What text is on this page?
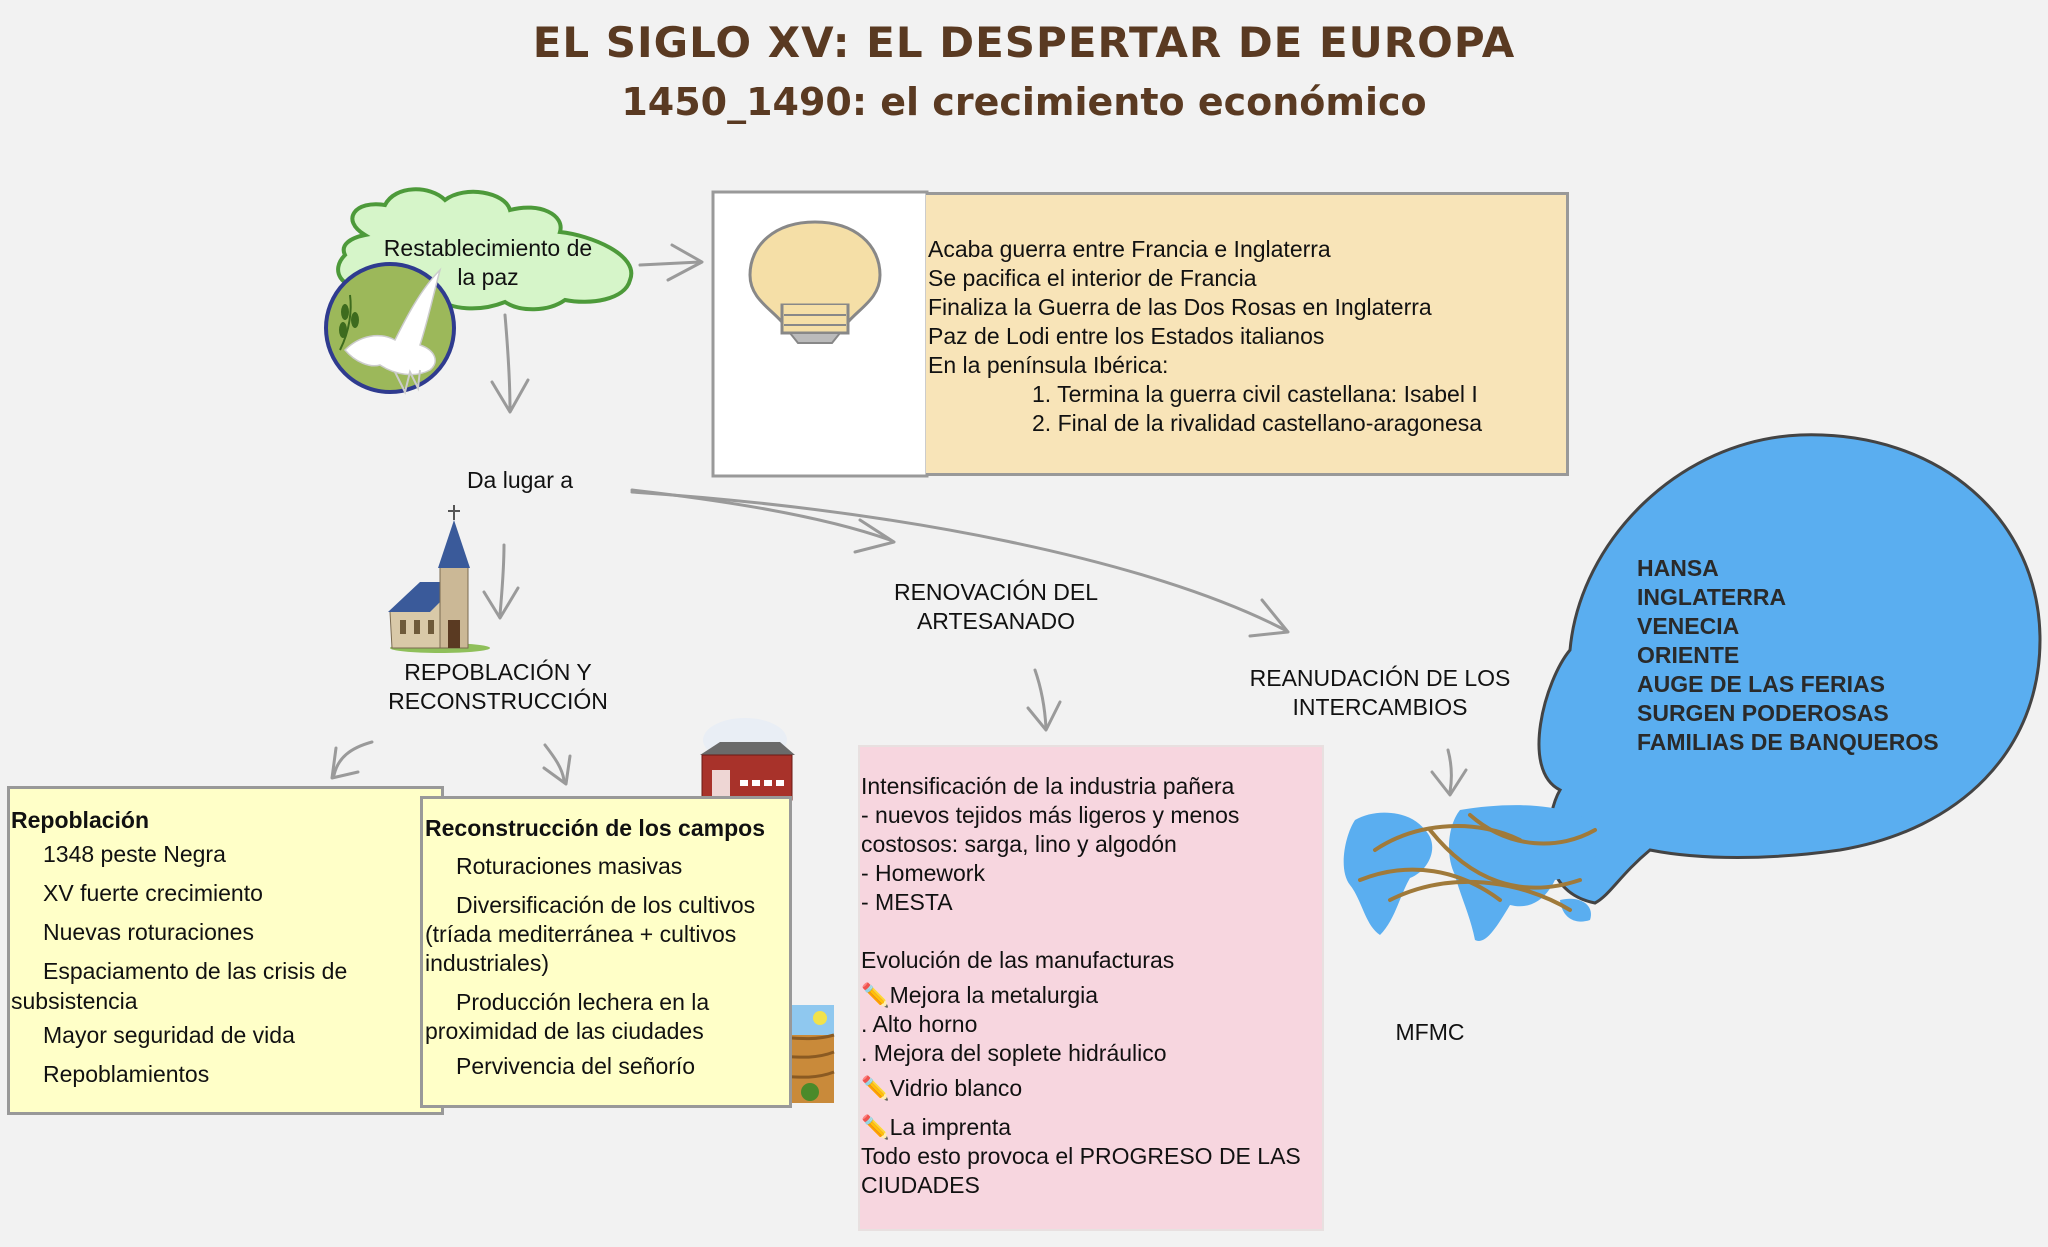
EL SIGLO XV: EL DESPERTAR DE EUROPA
1450_1490: el crecimiento económico
Restablecimiento de
la paz
Acaba guerra entre Francia e Inglaterra
Se pacifica el interior de Francia
Finaliza la Guerra de las Dos Rosas en Inglaterra
Paz de Lodi entre los Estados italianos
En la península Ibérica:
1. Termina la guerra civil castellana: Isabel I
2. Final de la rivalidad castellano-aragonesa
Da lugar a
REPOBLACIÓN Y
RECONSTRUCCIÓN
RENOVACIÓN DEL
ARTESANADO
REANUDACIÓN DE LOS
INTERCAMBIOS
Repoblación
1348 peste Negra
XV fuerte crecimiento
Nuevas roturaciones
Espaciamento de las crisis de
subsistencia
Mayor seguridad de vida
Repoblamientos
Reconstrucción de los campos
Roturaciones masivas
Diversificación de los cultivos
(tríada mediterránea + cultivos
industriales)
Producción lechera en la
proximidad de las ciudades
Pervivencia del señorío
Intensificación de la industria pañera
- nuevos tejidos más ligeros y menos
costosos: sarga, lino y algodón
- Homework
- MESTA
Evolución de las manufacturas
✏️Mejora la metalurgia
. Alto horno
. Mejora del soplete hidráulico
✏️Vidrio blanco
✏️La imprenta
Todo esto provoca el PROGRESO DE LAS
CIUDADES
HANSA
INGLATERRA
VENECIA
ORIENTE
AUGE DE LAS FERIAS
SURGEN PODEROSAS
FAMILIAS DE BANQUEROS
MFMC
